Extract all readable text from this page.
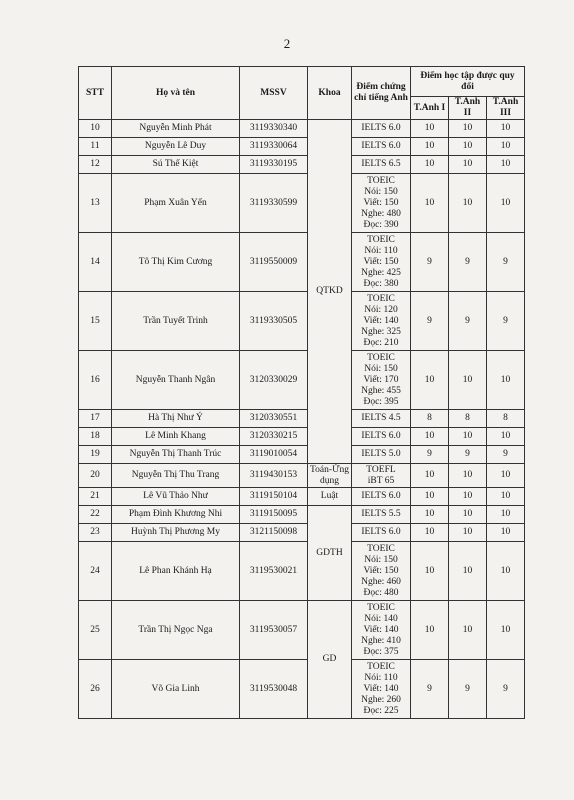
2
STT	Họ và tên	MSSV	Khoa	Điểm chứng chỉ tiếng Anh	Điểm học tập được quy đổi		
					T.Anh I	T.Anh II	T.Anh III
10	Nguyễn Minh Phát	3119330340	QTKD	IELTS 6.0	10	10	10
11	Nguyễn Lê Duy	3119330064		IELTS 6.0	10	10	10
12	Sú Thế Kiệt	3119330195		IELTS 6.5	10	10	10
13	Phạm Xuân Yến	3119330599		TOEIC
Nói: 150
Viết: 150
Nghe: 480
Đọc: 390	10	10	10
14	Tô Thị Kim Cương	3119550009		TOEIC
Nói: 110
Viết: 150
Nghe: 425
Đọc: 380	9	9	9
15	Trần Tuyết Trinh	3119330505		TOEIC
Nói: 120
Viết: 140
Nghe: 325
Đọc: 210	9	9	9
16	Nguyễn Thanh Ngân	3120330029		TOEIC
Nói: 150
Viết: 170
Nghe: 455
Đọc: 395	10	10	10
17	Hà Thị Như Ý	3120330551		IELTS 4.5	8	8	8
18	Lê Minh Khang	3120330215		IELTS 6.0	10	10	10
19	Nguyễn Thị Thanh Trúc	3119010054		IELTS 5.0	9	9	9
20	Nguyễn Thị Thu Trang	3119430153	Toán-Ứng dụng	TOEFL
iBT 65	10	10	10
21	Lê Vũ Thảo Như	3119150104	Luật	IELTS 6.0	10	10	10
22	Phạm Đình Khương Nhi	3119150095	GDTH	IELTS 5.5	10	10	10
23	Huỳnh Thị Phương My	3121150098		IELTS 6.0	10	10	10
24	Lê Phan Khánh Hạ	3119530021		TOEIC
Nói: 150
Viết: 150
Nghe: 460
Đọc: 480	10	10	10
25	Trần Thị Ngọc Nga	3119530057	GD	TOEIC
Nói: 140
Viết: 140
Nghe: 410
Đọc: 375	10	10	10
26	Võ Gia Linh	3119530048		TOEIC
Nói: 110
Viết: 140
Nghe: 260
Đọc: 225	9	9	9
